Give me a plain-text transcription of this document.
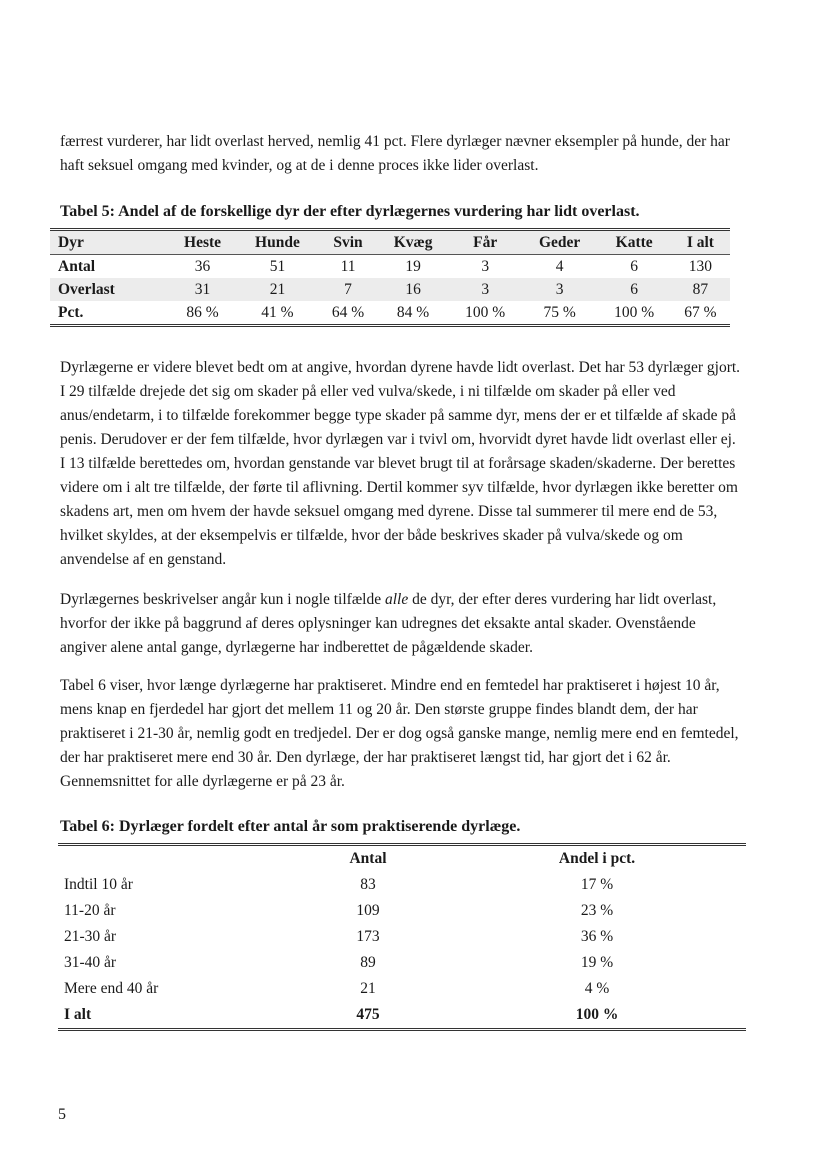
færrest vurderer, har lidt overlast herved, nemlig 41 pct. Flere dyrlæger nævner eksempler på hunde, der har haft seksuel omgang med kvinder, og at de i denne proces ikke lider overlast.

Tabel 5: Andel af de forskellige dyr der efter dyrlægernes vurdering har lidt overlast.

Dyr	Heste	Hunde	Svin	Kvæg	Får	Geder	Katte	I alt
Antal	36	51	11	19	3	4	6	130
Overlast	31	21	7	16	3	3	6	87
Pct.	86 %	41 %	64 %	84 %	100 %	75 %	100 %	67 %

Dyrlægerne er videre blevet bedt om at angive, hvordan dyrene havde lidt overlast. Det har 53 dyrlæger gjort. I 29 tilfælde drejede det sig om skader på eller ved vulva/skede, i ni tilfælde om skader på eller ved anus/endetarm, i to tilfælde forekommer begge type skader på samme dyr, mens der er et tilfælde af skade på penis. Derudover er der fem tilfælde, hvor dyrlægen var i tvivl om, hvorvidt dyret havde lidt overlast eller ej. I 13 tilfælde berettedes om, hvordan genstande var blevet brugt til at forårsage skaden/skaderne. Der berettes videre om i alt tre tilfælde, der førte til aflivning. Dertil kommer syv tilfælde, hvor dyrlægen ikke beretter om skadens art, men om hvem der havde seksuel omgang med dyrene. Disse tal summerer til mere end de 53, hvilket skyldes, at der eksempelvis er tilfælde, hvor der både beskrives skader på vulva/skede og om anvendelse af en genstand.

Dyrlægernes beskrivelser angår kun i nogle tilfælde alle de dyr, der efter deres vurdering har lidt overlast, hvorfor der ikke på baggrund af deres oplysninger kan udregnes det eksakte antal skader. Ovenstående angiver alene antal gange, dyrlægerne har indberettet de pågældende skader.

Tabel 6 viser, hvor længe dyrlægerne har praktiseret. Mindre end en femtedel har praktiseret i højest 10 år, mens knap en fjerdedel har gjort det mellem 11 og 20 år. Den største gruppe findes blandt dem, der har praktiseret i 21-30 år, nemlig godt en tredjedel. Der er dog også ganske mange, nemlig mere end en femtedel, der har praktiseret mere end 30 år. Den dyrlæge, der har praktiseret længst tid, har gjort det i 62 år. Gennemsnittet for alle dyrlægerne er på 23 år.

Tabel 6: Dyrlæger fordelt efter antal år som praktiserende dyrlæge.

	Antal	Andel i pct.
Indtil 10 år	83	17 %
11-20 år	109	23 %
21-30 år	173	36 %
31-40 år	89	19 %
Mere end 40 år	21	4 %
I alt	475	100 %

5
